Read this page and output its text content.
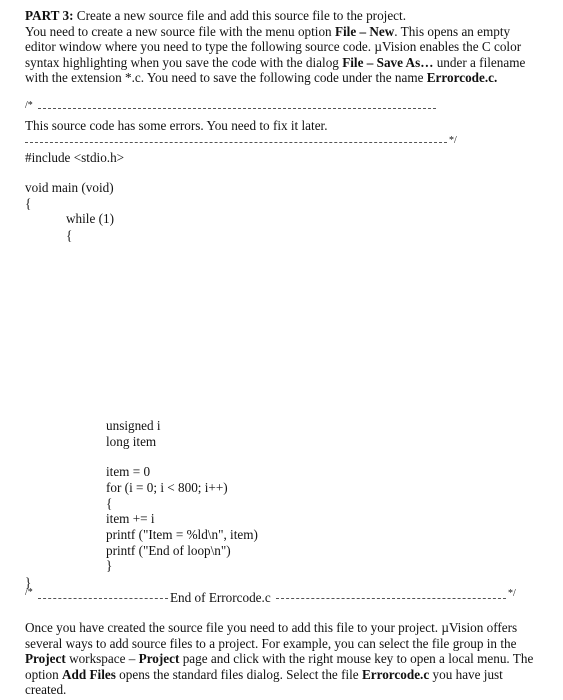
PART 3: Create a new source file and add this source file to the project.
You need to create a new source file with the menu option File – New. This opens an empty
editor window where you need to type the following source code. µVision enables the C color
syntax highlighting when you save the code with the dialog File – Save As… under a filename
with the extension *.c. You need to save the following code under the name Errorcode.c.
/*
This source code has some errors. You need to fix it later.
*/
#include <stdio.h>
void main (void)
{
while (1)
{
unsigned i
long item
item = 0
for (i = 0; i < 800; i++)
{
item += i
printf ("Item = %ld\n", item)
printf ("End of loop\n")
}
}
/*	End of Errorcode.c	*/
Once you have created the source file you need to add this file to your project. µVision offers
several ways to add source files to a project. For example, you can select the file group in the
Project workspace – Project page and click with the right mouse key to open a local menu. The
option Add Files opens the standard files dialog. Select the file Errorcode.c you have just
created.
